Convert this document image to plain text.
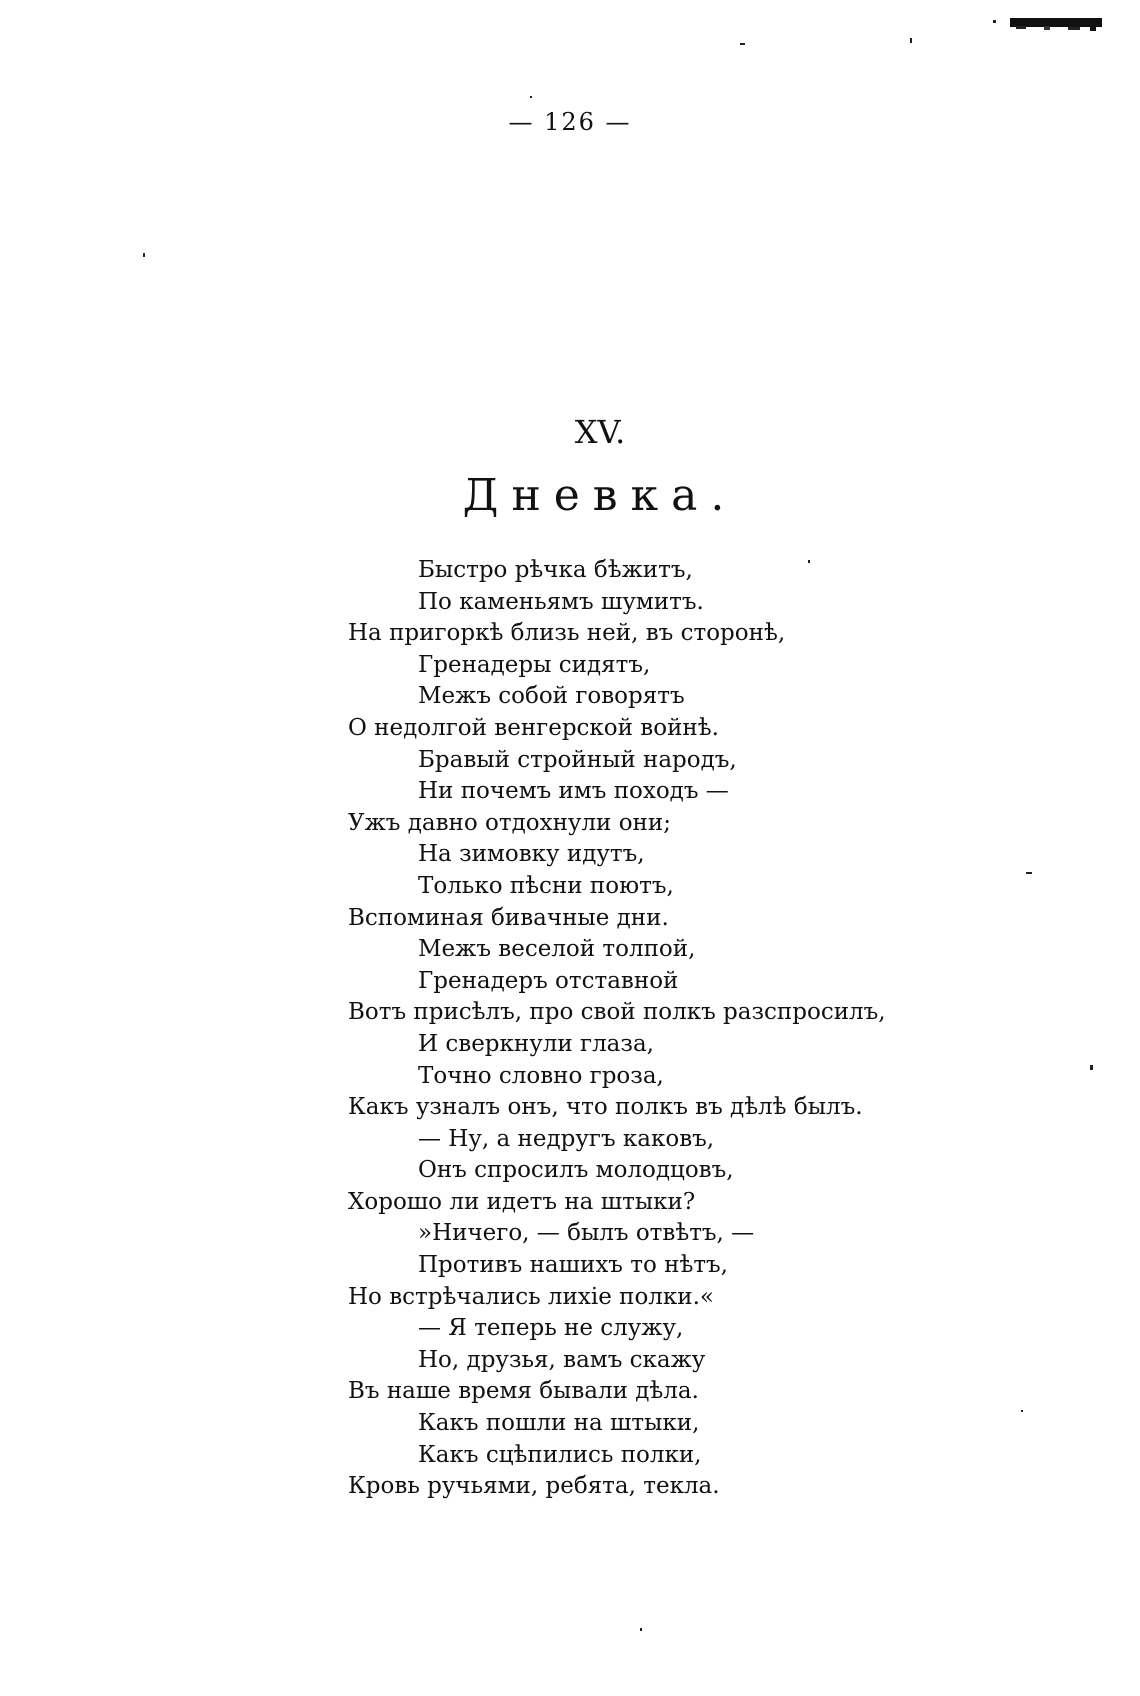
— 126 —
XV.
Дневка.
Быстро рѣчка бѣжитъ,
По каменьямъ шумитъ.
На пригоркѣ близь ней, въ сторонѣ,
Гренадеры сидятъ,
Межъ собой говорятъ
О недолгой венгерской войнѣ.
Бравый стройный народъ,
Ни почемъ имъ походъ —
Ужъ давно отдохнули они;
На зимовку идутъ,
Только пѣсни поютъ,
Вспоминая бивачные дни.
Межъ веселой толпой,
Гренадеръ отставной
Вотъ присѣлъ, про свой полкъ разспросилъ,
И сверкнули глаза,
Точно словно гроза,
Какъ узналъ онъ, что полкъ въ дѣлѣ былъ.
— Ну, а недругъ каковъ,
Онъ спросилъ молодцовъ,
Хорошо ли идетъ на штыки?
»Ничего, — былъ отвѣтъ, —
Противъ нашихъ то нѣтъ,
Но встрѣчались лихіе полки.«
— Я теперь не служу,
Но, друзья, вамъ скажу
Въ наше время бывали дѣла.
Какъ пошли на штыки,
Какъ сцѣпились полки,
Кровь ручьями, ребята, текла.
